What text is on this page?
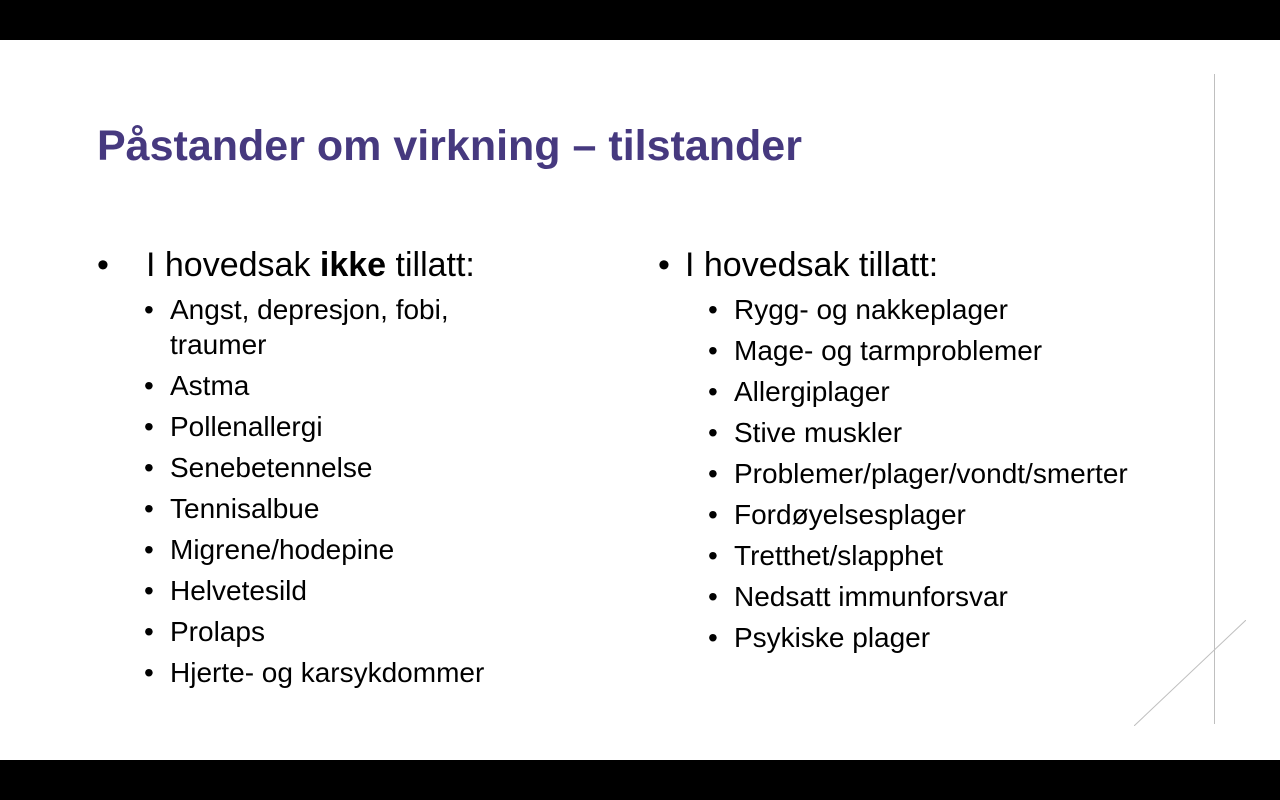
Påstander om virkning – tilstander
• I hovedsak ikke tillatt:
• Angst, depresjon, fobi, traumer
• Astma
• Pollenallergi
• Senebetennelse
• Tennisalbue
• Migrene/hodepine
• Helvetesild
• Prolaps
• Hjerte- og karsykdommer
• I hovedsak tillatt:
• Rygg- og nakkeplager
• Mage- og tarmproblemer
• Allergiplager
• Stive muskler
• Problemer/plager/vondt/smerter
• Fordøyelsesplager
• Tretthet/slapphet
• Nedsatt immunforsvar
• Psykiske plager
